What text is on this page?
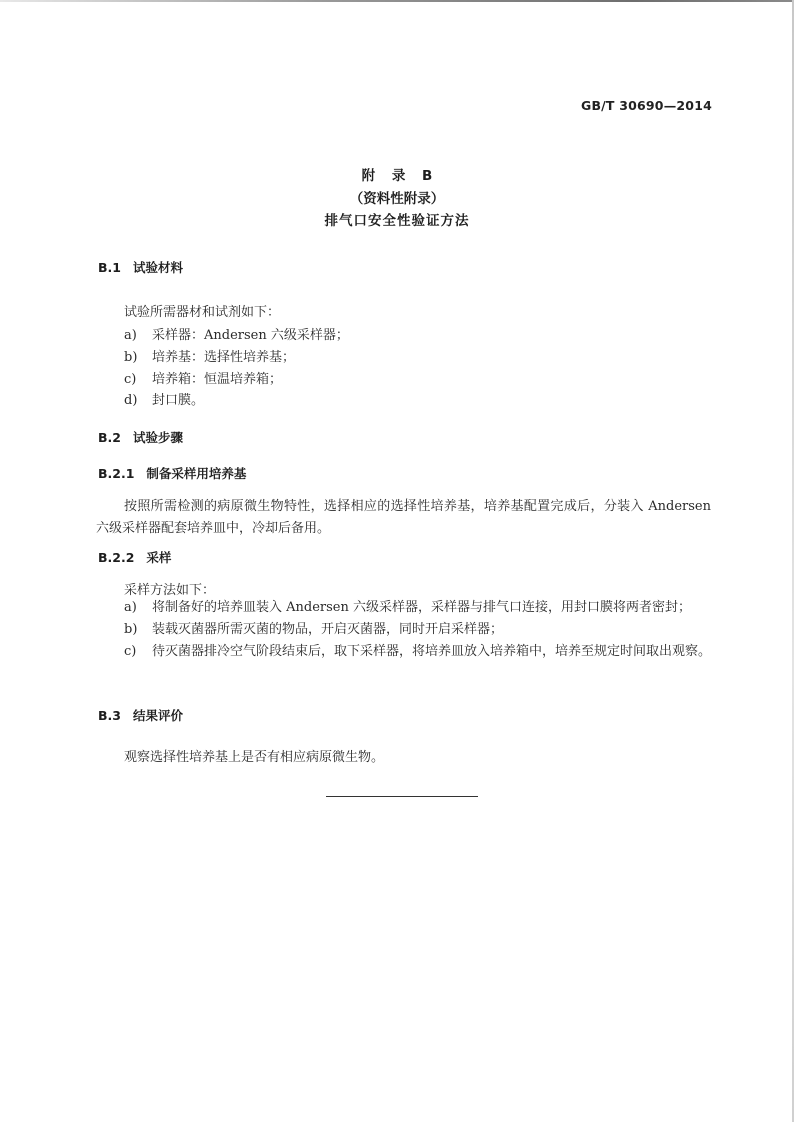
GB/T 30690—2014
附 录 B
（资料性附录）
排气口安全性验证方法
B.1 试验材料
试验所需器材和试剂如下：
a) 采样器：Andersen 六级采样器；
b) 培养基：选择性培养基；
c) 培养箱：恒温培养箱；
d) 封口膜。
B.2 试验步骤
B.2.1 制备采样用培养基
按照所需检测的病原微生物特性，选择相应的选择性培养基，培养基配置完成后，分装入 Andersen 六级采样器配套培养皿中，冷却后备用。
B.2.2 采样
采样方法如下：
a)	将制备好的培养皿装入 Andersen 六级采样器，采样器与排气口连接，用封口膜将两者密封；
b)	装载灭菌器所需灭菌的物品，开启灭菌器，同时开启采样器；
c)	待灭菌器排冷空气阶段结束后，取下采样器，将培养皿放入培养箱中，培养至规定时间取出观察。
B.3 结果评价
观察选择性培养基上是否有相应病原微生物。
